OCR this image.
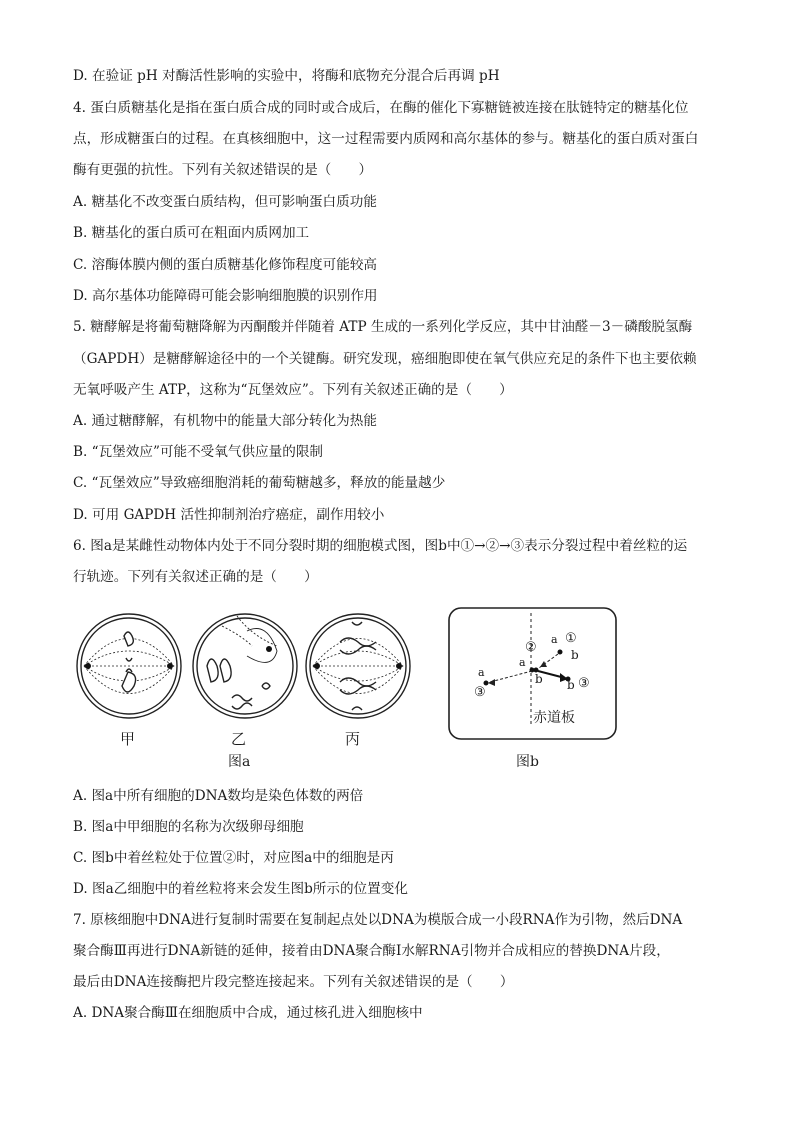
D. 在验证 pH 对酶活性影响的实验中，将酶和底物充分混合后再调 pH
4. 蛋白质糖基化是指在蛋白质合成的同时或合成后，在酶的催化下寡糖链被连接在肽链特定的糖基化位
点，形成糖蛋白的过程。在真核细胞中，这一过程需要内质网和高尔基体的参与。糖基化的蛋白质对蛋白
酶有更强的抗性。下列有关叙述错误的是（　　）
A. 糖基化不改变蛋白质结构，但可影响蛋白质功能
B. 糖基化的蛋白质可在粗面内质网加工
C. 溶酶体膜内侧的蛋白质糖基化修饰程度可能较高
D. 高尔基体功能障碍可能会影响细胞膜的识别作用
5. 糖酵解是将葡萄糖降解为丙酮酸并伴随着 ATP 生成的一系列化学反应，其中甘油醛－3－磷酸脱氢酶
（GAPDH）是糖酵解途径中的一个关键酶。研究发现，癌细胞即使在氧气供应充足的条件下也主要依赖
无氧呼吸产生 ATP，这称为“瓦堡效应”。下列有关叙述正确的是（　　）
A. 通过糖酵解，有机物中的能量大部分转化为热能
B. “瓦堡效应”可能不受氧气供应量的限制
C. “瓦堡效应”导致癌细胞消耗的葡萄糖越多，释放的能量越少
D. 可用 GAPDH 活性抑制剂治疗癌症，副作用较小
6. 图a是某雌性动物体内处于不同分裂时期的细胞模式图，图b中①→②→③表示分裂过程中着丝粒的运
行轨迹。下列有关叙述正确的是（　　）
甲	乙	丙
图a
a ①
②	b
a
b
a
③	b ③
赤道板
图b
A. 图a中所有细胞的DNA数均是染色体数的两倍
B. 图a中甲细胞的名称为次级卵母细胞
C. 图b中着丝粒处于位置②时，对应图a中的细胞是丙
D. 图a乙细胞中的着丝粒将来会发生图b所示的位置变化
7. 原核细胞中DNA进行复制时需要在复制起点处以DNA为模版合成一小段RNA作为引物，然后DNA
聚合酶Ⅲ再进行DNA新链的延伸，接着由DNA聚合酶Ⅰ水解RNA引物并合成相应的替换DNA片段，
最后由DNA连接酶把片段完整连接起来。下列有关叙述错误的是（　　）
A. DNA聚合酶Ⅲ在细胞质中合成，通过核孔进入细胞核中
